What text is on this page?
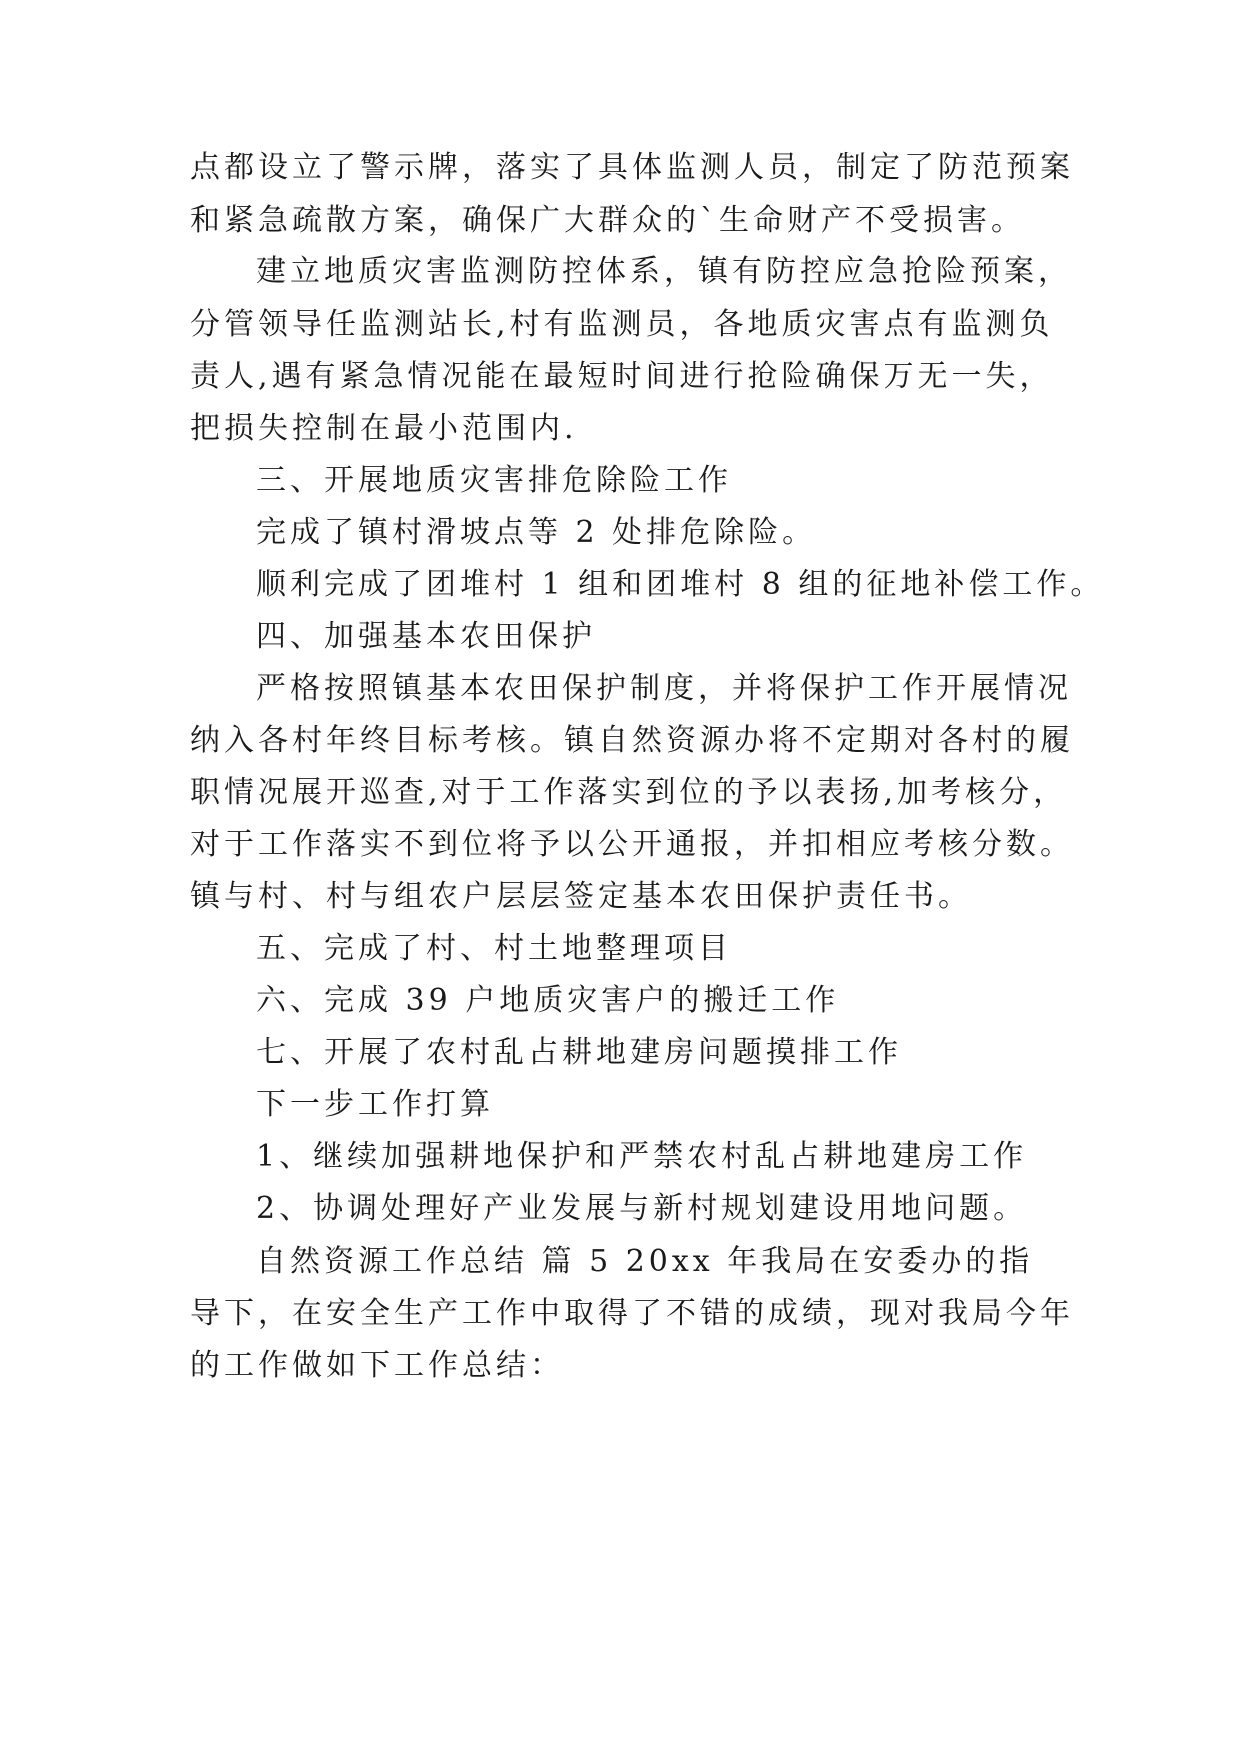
点都设立了警示牌，落实了具体监测人员，制定了防范预案
和紧急疏散方案，确保广大群众的`生命财产不受损害。
建立地质灾害监测防控体系，镇有防控应急抢险预案，
分管领导任监测站长,村有监测员，各地质灾害点有监测负
责人,遇有紧急情况能在最短时间进行抢险确保万无一失，
把损失控制在最小范围内.
三、开展地质灾害排危除险工作
完成了镇村滑坡点等 2 处排危除险。
顺利完成了团堆村 1 组和团堆村 8 组的征地补偿工作。
四、加强基本农田保护
严格按照镇基本农田保护制度，并将保护工作开展情况
纳入各村年终目标考核。镇自然资源办将不定期对各村的履
职情况展开巡查,对于工作落实到位的予以表扬,加考核分，
对于工作落实不到位将予以公开通报，并扣相应考核分数。
镇与村、村与组农户层层签定基本农田保护责任书。
五、完成了村、村土地整理项目
六、完成 39 户地质灾害户的搬迁工作
七、开展了农村乱占耕地建房问题摸排工作
下一步工作打算
1、继续加强耕地保护和严禁农村乱占耕地建房工作
2、协调处理好产业发展与新村规划建设用地问题。
自然资源工作总结 篇 5 20xx 年我局在安委办的指
导下，在安全生产工作中取得了不错的成绩，现对我局今年
的工作做如下工作总结：
